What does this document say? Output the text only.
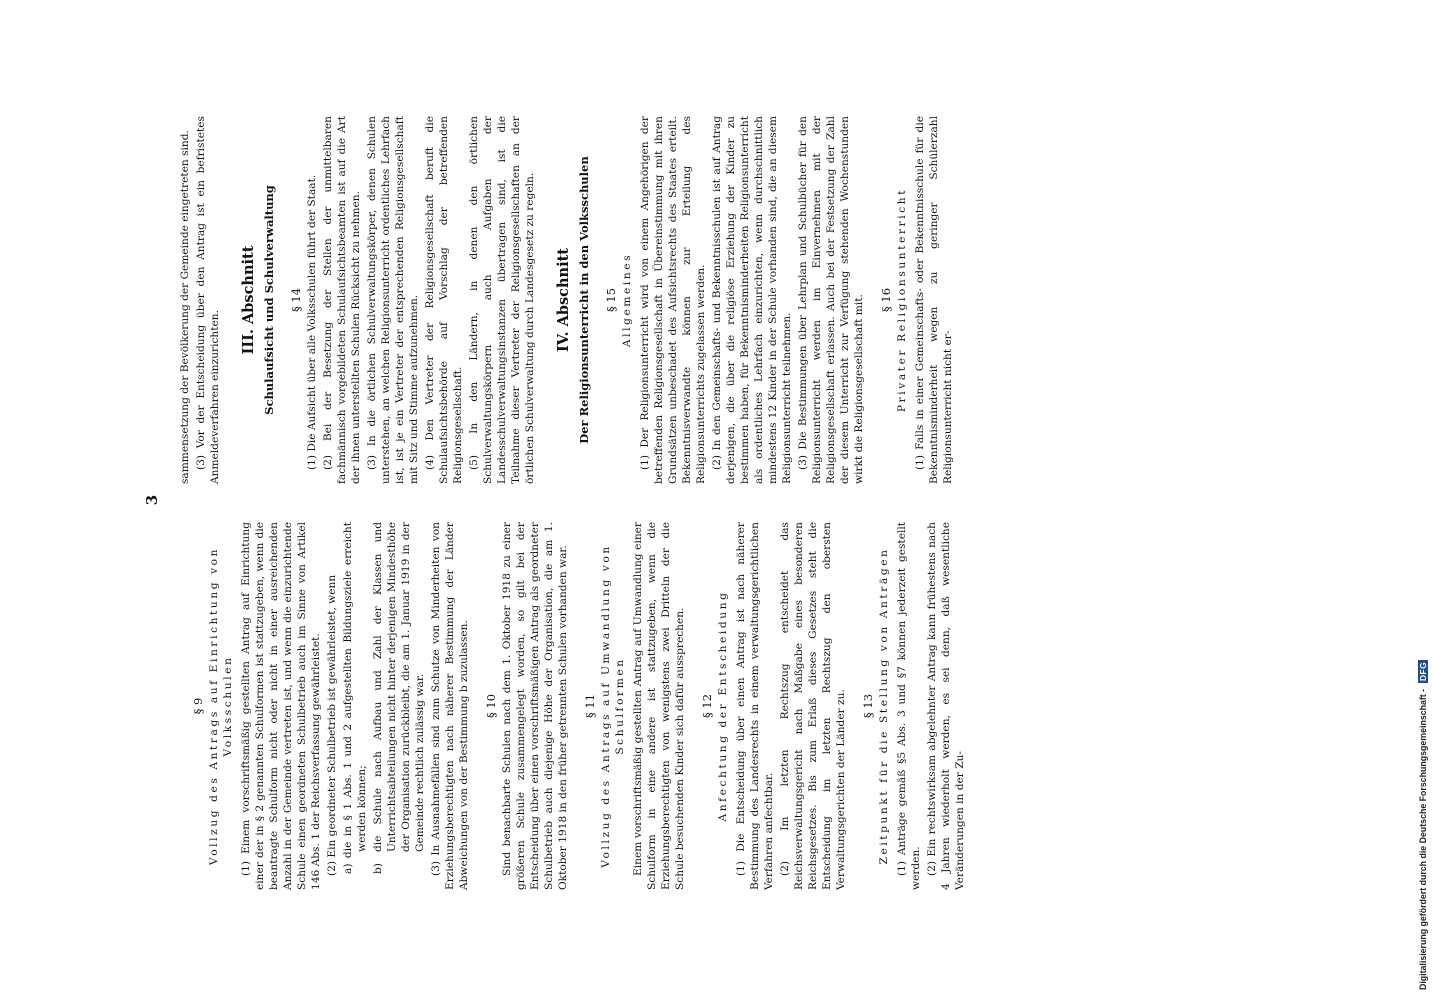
3
§ 9 Vollzug des Antrags auf Einrichtung von Volksschulen (1) Einem vorschriftsmäßig gestellten Antrag auf Einrichtung einer der in § 2 genannten Schulformen ist stattzugeben, wenn die beantragte Schulform nicht oder nicht in einer ausreichenden Anzahl in der Gemeinde vertreten ist, und wenn die einzurichtende Schule einen geordneten Schulbetrieb auch im Sinne von Artikel 146 Abs. 1 der Reichsverfassung gewährleistet. (2) Ein geordneter Schulbetrieb ist gewährleistet, wenn a) die in § 1 Abs. 1 und 2 aufgestellten Bildungsziele erreicht werden können; b) die Schule nach Aufbau und Zahl der Klassen und Unterrichtsabteilungen nicht hinter derjenigen Mindesthöhe der Organisation zurückbleibt, die am 1. Januar 1919 in der Gemeinde rechtlich zulässig war. (3) In Ausnahmefällen sind zum Schutze von Minderheiten von Erziehungsberechtigten nach näherer Bestimmung der Länder Abweichungen von der Bestimmung b zuzulassen. § 10 Sind benachbarte Schulen nach dem 1. Oktober 1918 zu einer größeren Schule zusammengelegt worden, so gilt bei der Entscheidung über einen vorschriftsmäßigen Antrag als geordneter Schulbetrieb auch diejenige Höhe der Organisation, die am 1. Oktober 1918 in den früher getrennten Schulen vorhanden war. § 11 Vollzug des Antrags auf Umwandlung von Schulformen Einem vorschriftsmäßig gestellten Antrag auf Umwandlung einer Schulform in eine andere ist stattzugeben, wenn die Erziehungsberechtigten von wenigstens zwei Dritteln der die Schule besuchenden Kinder sich dafür aussprechen. § 12 Anfechtung der Entscheidung (1) Die Entscheidung über einen Antrag ist nach näherer Bestimmung des Landesrechts in einem verwaltungsgerichtlichen Verfahren anfechtbar. (2) Im letzten Rechtszug entscheidet das Reichsverwaltungsgericht nach Maßgabe eines besonderen Reichsgesetzes. Bis zum Erlaß dieses Gesetzes steht die Entscheidung im letzten Rechtszug den obersten Verwaltungsgerichten der Länder zu. § 13 Zeitpunkt für die Stellung von Anträgen (1) Anträge gemäß §5 Abs. 3 und §7 können jederzeit gestellt werden. (2) Ein rechtswirksam abgelehnter Antrag kann frühestens nach 4 Jahren wiederholt werden, es sei denn, daß wesentliche Veränderungen in der Zu-
sammensetzung der Bevölkerung der Gemeinde eingetreten sind. (3) Vor der Entscheidung über den Antrag ist ein befristetes Anmeldeverfahren einzurichten.
III. Abschnitt Schulaufsicht und Schulverwaltung § 14 (1) Die Aufsicht über alle Volksschulen führt der Staat. (2) Bei der Besetzung der Stellen der unmittelbaren fachmännisch vorgebildeten Schulaufsichtsbeamten ist auf die Art der ihnen unterstellten Schulen Rücksicht zu nehmen. (3) In die örtlichen Schulverwaltungskörper, denen Schulen unterstehen, an welchen Religionsunterricht ordentliches Lehrfach ist, ist je ein Vertreter der entsprechenden Religionsgesellschaft mit Sitz und Stimme aufzunehmen. (4) Den Vertreter der Religionsgesellschaft beruft die Schulaufsichtsbehörde auf Vorschlag der betreffenden Religionsgesellschaft. (5) In den Ländern, in denen den örtlichen Schulverwaltungskörpern auch Aufgaben der Landesschulverwaltungsinstanzen übertragen sind, ist die Teilnahme dieser Vertreter der Religionsgesellschaften an der örtlichen Schulverwaltung durch Landesgesetz zu regeln. IV. Abschnitt Der Religionsunterricht in den Volksschulen § 15 Allgemeines (1) Der Religionsunterricht wird von einem Angehörigen der betreffenden Religionsgesellschaft in Übereinstimmung mit ihren Grundsätzen unbeschadet des Aufsichtsrechts des Staates erteilt. Bekenntnisverwandte können zur Erteilung des Religionsunterrichts zugelassen werden. (2) In den Gemeinschafts- und Bekenntnisschulen ist auf Antrag derjenigen, die über die religiöse Erziehung der Kinder zu bestimmen haben, für Bekenntnisminderheiten Religionsunterricht als ordentliches Lehrfach einzurichten, wenn durchschnittlich mindestens 12 Kinder in der Schule vorhanden sind, die an diesem Religionsunterricht teilnehmen. (3) Die Bestimmungen über Lehrplan und Schulbücher für den Religionsunterricht werden im Einvernehmen mit der Religionsgesellschaft erlassen. Auch bei der Festsetzung der Zahl der diesem Unterricht zur Verfügung stehenden Wochenstunden wirkt die Religionsgesellschaft mit. § 16 Privater Religionsunterricht (1) Falls in einer Gemeinschafts- oder Bekenntnisschule für die Bekenntnisminderheit wegen zu geringer Schülerzahl Religionsunterricht nicht er-
Digitalisierung gefördert durch die Deutsche Forschungsgemeinschaft -
DFG
